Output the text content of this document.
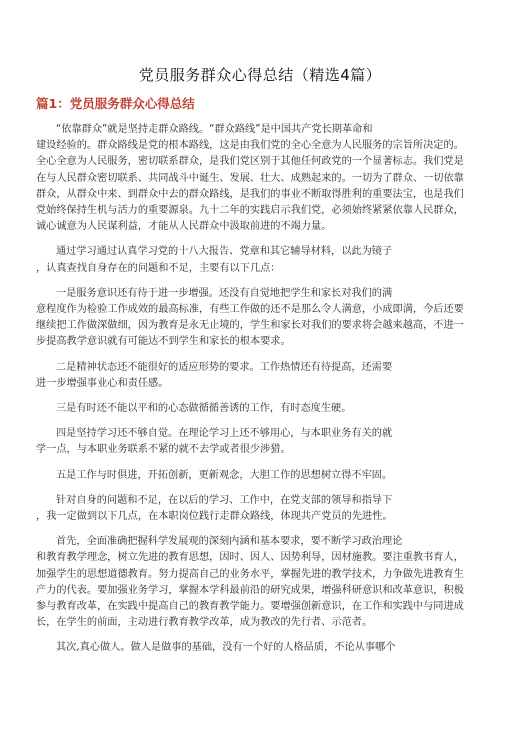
党员服务群众心得总结（精选4篇）
篇1：党员服务群众心得总结

“依靠群众”就是坚持走群众路线。“群众路线”是中国共产党长期革命和
建设经验的。群众路线是党的根本路线，这是由我们党的全心全意为人民服务的宗旨所决定的。
全心全意为人民服务，密切联系群众，是我们党区别于其他任何政党的一个显著标志。我们党是
在与人民群众密切联系、共同战斗中诞生、发展、壮大、成熟起来的。一切为了群众、一切依靠
群众，从群众中来、到群众中去的群众路线，是我们的事业不断取得胜利的重要法宝，也是我们
党始终保持生机与活力的重要源泉。九十二年的实践启示我们党，必须始终紧紧依靠人民群众，
诚心诚意为人民谋利益，才能从人民群众中汲取前进的不竭力量。

通过学习通过认真学习党的十八大报告、党章和其它辅导材料，以此为镜子
，认真查找自身存在的问题和不足，主要有以下几点：

一是服务意识还有待于进一步增强。还没有自觉地把学生和家长对我们的满
意程度作为检验工作成效的最高标准，有些工作做的还不是那么令人满意，小成即满，今后还要
继续把工作做深做细，因为教育是永无止境的，学生和家长对我们的要求将会越来越高，不进一
步提高教学意识就有可能达不到学生和家长的根本要求。

二是精神状态还不能很好的适应形势的要求。工作热情还有待提高，还需要
进一步增强事业心和责任感。

三是有时还不能以平和的心态做循循善诱的工作，有时态度生硬。

四是坚持学习还不够自觉。在理论学习上还不够用心，与本职业务有关的就
学一点，与本职业务联系不紧的就不去学或者很少涉猎。

五是工作与时俱进，开拓创新，更新观念，大胆工作的思想树立得不牢固。

针对自身的问题和不足，在以后的学习、工作中，在党支部的领导和指导下
，我一定做到以下几点，在本职岗位践行走群众路线，体现共产党员的先进性。

首先，全面准确把握科学发展观的深刻内涵和基本要求，要不断学习政治理论
和教育教学理念，树立先进的教育思想，因时、因人、因势利导，因材施教。要注重教书育人，
加强学生的思想道德教育。努力提高自己的业务水平，掌握先进的教学技术，力争做先进教育生
产力的代表。要加强业务学习，掌握本学科最前沿的研究成果，增强科研意识和改革意识，积极
参与教育改革，在实践中提高自己的教育教学能力。要增强创新意识，在工作和实践中与同进成
长，在学生的前面，主动进行教育教学改革，成为教改的先行者、示范者。

其次,真心做人。做人是做事的基础，没有一个好的人格品质，不论从事哪个
